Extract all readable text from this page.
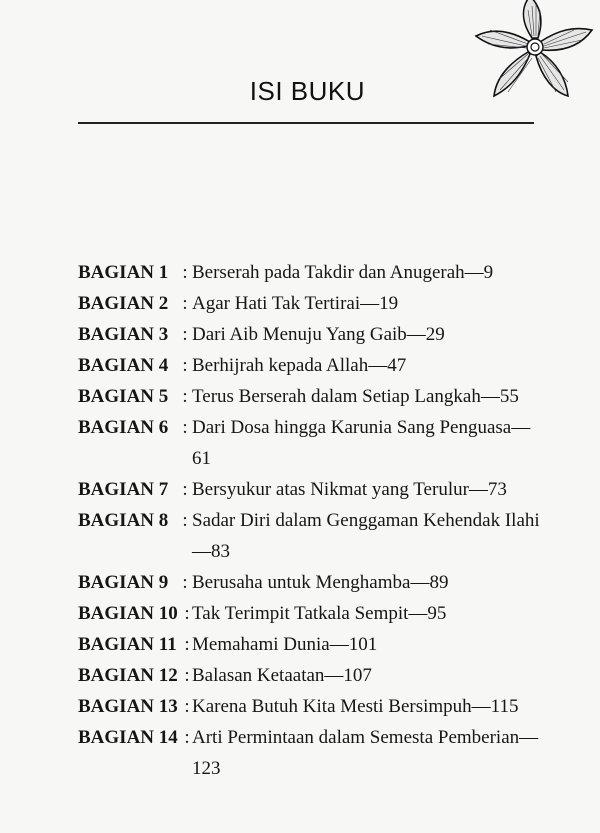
ISI BUKU
BAGIAN 1 : Berserah pada Takdir dan Anugerah—9
BAGIAN 2 : Agar Hati Tak Tertirai—19
BAGIAN 3 : Dari Aib Menuju Yang Gaib—29
BAGIAN 4 : Berhijrah kepada Allah—47
BAGIAN 5 : Terus Berserah dalam Setiap Langkah—55
BAGIAN 6 : Dari Dosa hingga Karunia Sang Penguasa—61
BAGIAN 7 : Bersyukur atas Nikmat yang Terulur—73
BAGIAN 8 : Sadar Diri dalam Genggaman Kehendak Ilahi—83
BAGIAN 9 : Berusaha untuk Menghamba—89
BAGIAN 10 : Tak Terimpit Tatkala Sempit—95
BAGIAN 11 : Memahami Dunia—101
BAGIAN 12 : Balasan Ketaatan—107
BAGIAN 13 : Karena Butuh Kita Mesti Bersimpuh—115
BAGIAN 14 : Arti Permintaan dalam Semesta Pemberian—123
